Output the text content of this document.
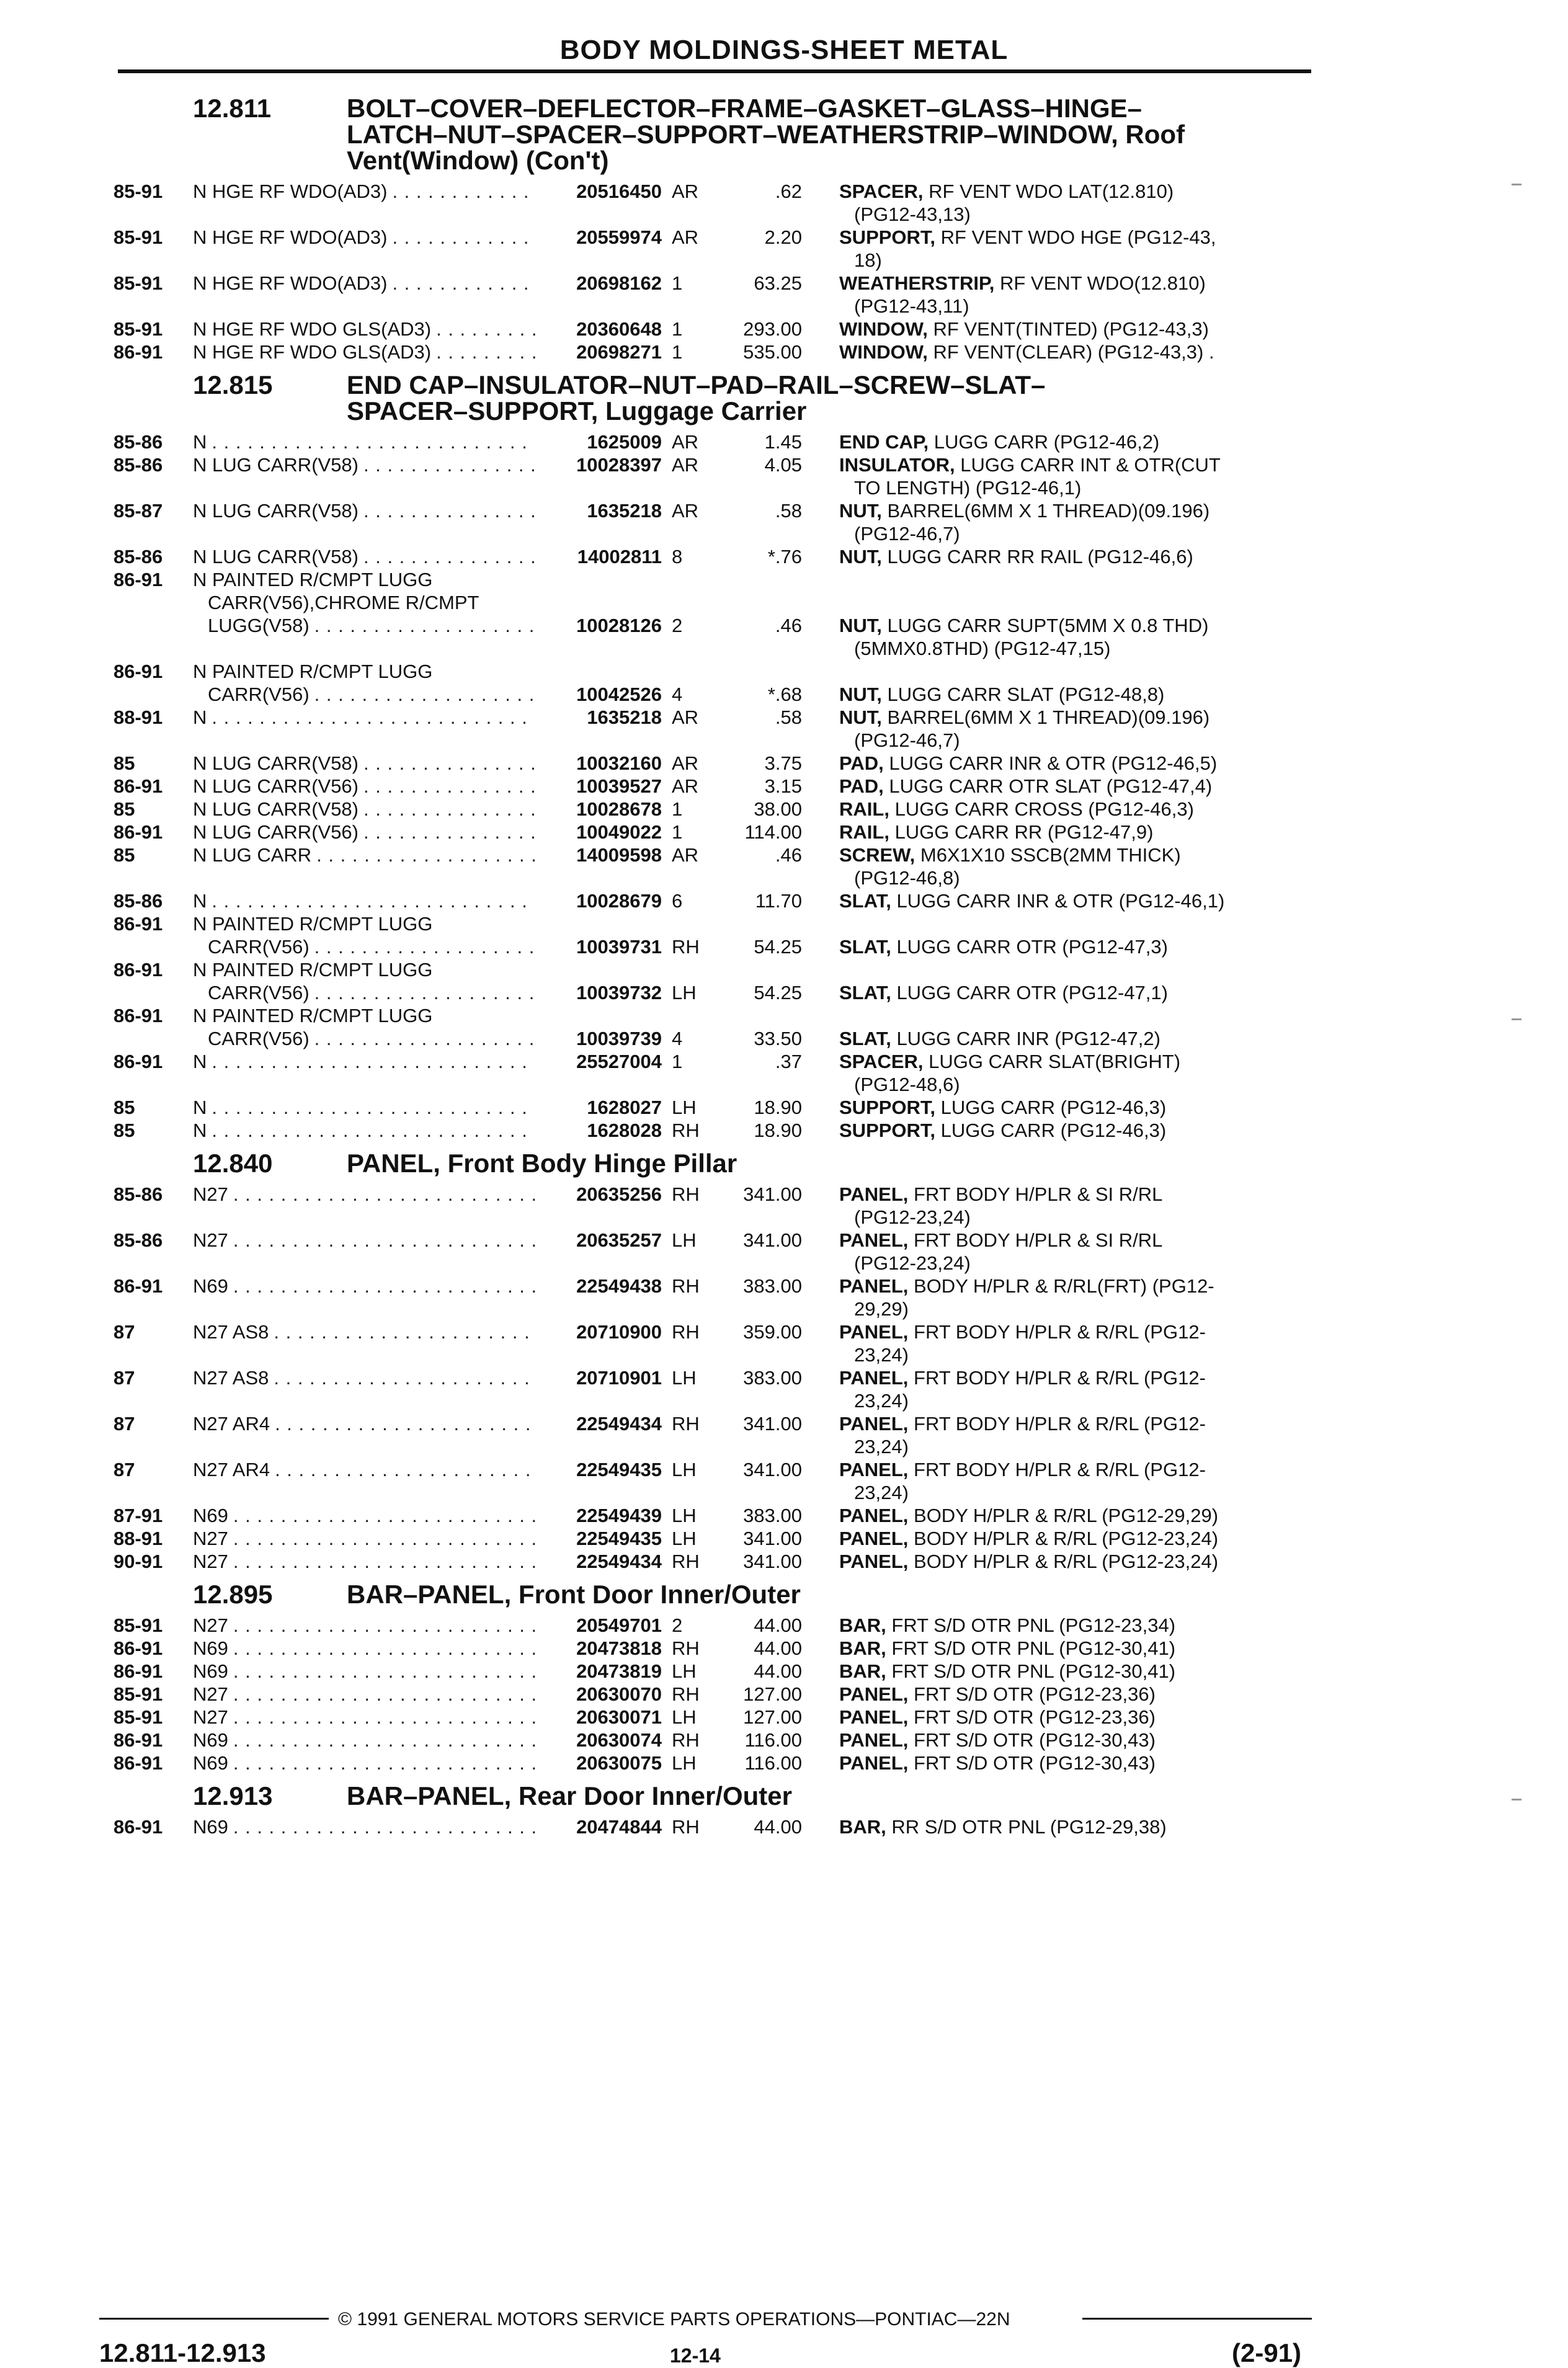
BODY MOLDINGS-SHEET METAL
12.811	BOLT–COVER–DEFLECTOR–FRAME–GASKET–GLASS–HINGE–
LATCH–NUT–SPACER–SUPPORT–WEATHERSTRIP–WINDOW, Roof
Vent(Window) (Con't)
85-91	N HGE RF WDO(AD3) . . .	20516450 AR	.62	SPACER, RF VENT WDO LAT(12.810)
(PG12-43,13)
85-91	N HGE RF WDO(AD3) . . .	20559974 AR	2.20	SUPPORT, RF VENT WDO HGE (PG12-43,
18)
85-91	N HGE RF WDO(AD3) . . .	20698162 1	63.25	WEATHERSTRIP, RF VENT WDO(12.810)
(PG12-43,11)
85-91	N HGE RF WDO GLS(AD3) . . .	20360648 1	293.00	WINDOW, RF VENT(TINTED) (PG12-43,3)
86-91	N HGE RF WDO GLS(AD3) . . .	20698271 1	535.00	WINDOW, RF VENT(CLEAR) (PG12-43,3) .
12.815	END CAP–INSULATOR–NUT–PAD–RAIL–SCREW–SLAT–
SPACER–SUPPORT, Luggage Carrier
85-86	N . . .	1625009 AR	1.45	END CAP, LUGG CARR (PG12-46,2)
85-86	N LUG CARR(V58) . . .	10028397 AR	4.05	INSULATOR, LUGG CARR INT & OTR(CUT
TO LENGTH) (PG12-46,1)
85-87	N LUG CARR(V58) . . .	1635218 AR	.58	NUT, BARREL(6MM X 1 THREAD)(09.196)
(PG12-46,7)
85-86	N LUG CARR(V58) . . .	14002811 8	*.76	NUT, LUGG CARR RR RAIL (PG12-46,6)
86-91	N PAINTED R/CMPT LUGG
CARR(V56),CHROME R/CMPT
LUGG(V58) . . .	10028126 2	.46	NUT, LUGG CARR SUPT(5MM X 0.8 THD)
(5MMX0.8THD) (PG12-47,15)
86-91	N PAINTED R/CMPT LUGG
CARR(V56) . . .	10042526 4	*.68	NUT, LUGG CARR SLAT (PG12-48,8)
88-91	N . . .	1635218 AR	.58	NUT, BARREL(6MM X 1 THREAD)(09.196)
(PG12-46,7)
85	N LUG CARR(V58) . . .	10032160 AR	3.75	PAD, LUGG CARR INR & OTR (PG12-46,5)
86-91	N LUG CARR(V56) . . .	10039527 AR	3.15	PAD, LUGG CARR OTR SLAT (PG12-47,4)
85	N LUG CARR(V58) . . .	10028678 1	38.00	RAIL, LUGG CARR CROSS (PG12-46,3)
86-91	N LUG CARR(V56) . . .	10049022 1	114.00	RAIL, LUGG CARR RR (PG12-47,9)
85	N LUG CARR . . .	14009598 AR	.46	SCREW, M6X1X10 SSCB(2MM THICK)
(PG12-46,8)
85-86	N . . .	10028679 6	11.70	SLAT, LUGG CARR INR & OTR (PG12-46,1)
86-91	N PAINTED R/CMPT LUGG
CARR(V56) . . .	10039731 RH	54.25	SLAT, LUGG CARR OTR (PG12-47,3)
86-91	N PAINTED R/CMPT LUGG
CARR(V56) . . .	10039732 LH	54.25	SLAT, LUGG CARR OTR (PG12-47,1)
86-91	N PAINTED R/CMPT LUGG
CARR(V56) . . .	10039739 4	33.50	SLAT, LUGG CARR INR (PG12-47,2)
86-91	N . . .	25527004 1	.37	SPACER, LUGG CARR SLAT(BRIGHT)
(PG12-48,6)
85	N . . .	1628027 LH	18.90	SUPPORT, LUGG CARR (PG12-46,3)
85	N . . .	1628028 RH	18.90	SUPPORT, LUGG CARR (PG12-46,3)
12.840	PANEL, Front Body Hinge Pillar
85-86	N27 . . .	20635256 RH	341.00	PANEL, FRT BODY H/PLR & SI R/RL
(PG12-23,24)
85-86	N27 . . .	20635257 LH	341.00	PANEL, FRT BODY H/PLR & SI R/RL
(PG12-23,24)
86-91	N69 . . .	22549438 RH	383.00	PANEL, BODY H/PLR & R/RL(FRT) (PG12-
29,29)
87	N27 AS8 . . .	20710900 RH	359.00	PANEL, FRT BODY H/PLR & R/RL (PG12-
23,24)
87	N27 AS8 . . .	20710901 LH	383.00	PANEL, FRT BODY H/PLR & R/RL (PG12-
23,24)
87	N27 AR4 . . .	22549434 RH	341.00	PANEL, FRT BODY H/PLR & R/RL (PG12-
23,24)
87	N27 AR4 . . .	22549435 LH	341.00	PANEL, FRT BODY H/PLR & R/RL (PG12-
23,24)
87-91	N69 . . .	22549439 LH	383.00	PANEL, BODY H/PLR & R/RL (PG12-29,29)
88-91	N27 . . .	22549435 LH	341.00	PANEL, BODY H/PLR & R/RL (PG12-23,24)
90-91	N27 . . .	22549434 RH	341.00	PANEL, BODY H/PLR & R/RL (PG12-23,24)
12.895	BAR–PANEL, Front Door Inner/Outer
85-91	N27 . . .	20549701 2	44.00	BAR, FRT S/D OTR PNL (PG12-23,34)
86-91	N69 . . .	20473818 RH	44.00	BAR, FRT S/D OTR PNL (PG12-30,41)
86-91	N69 . . .	20473819 LH	44.00	BAR, FRT S/D OTR PNL (PG12-30,41)
85-91	N27 . . .	20630070 RH	127.00	PANEL, FRT S/D OTR (PG12-23,36)
85-91	N27 . . .	20630071 LH	127.00	PANEL, FRT S/D OTR (PG12-23,36)
86-91	N69 . . .	20630074 RH	116.00	PANEL, FRT S/D OTR (PG12-30,43)
86-91	N69 . . .	20630075 LH	116.00	PANEL, FRT S/D OTR (PG12-30,43)
12.913	BAR–PANEL, Rear Door Inner/Outer
86-91	N69 . . .	20474844 RH	44.00	BAR, RR S/D OTR PNL (PG12-29,38)
© 1991 GENERAL MOTORS SERVICE PARTS OPERATIONS—PONTIAC—22N
12.811-12.913	12-14	(2-91)
